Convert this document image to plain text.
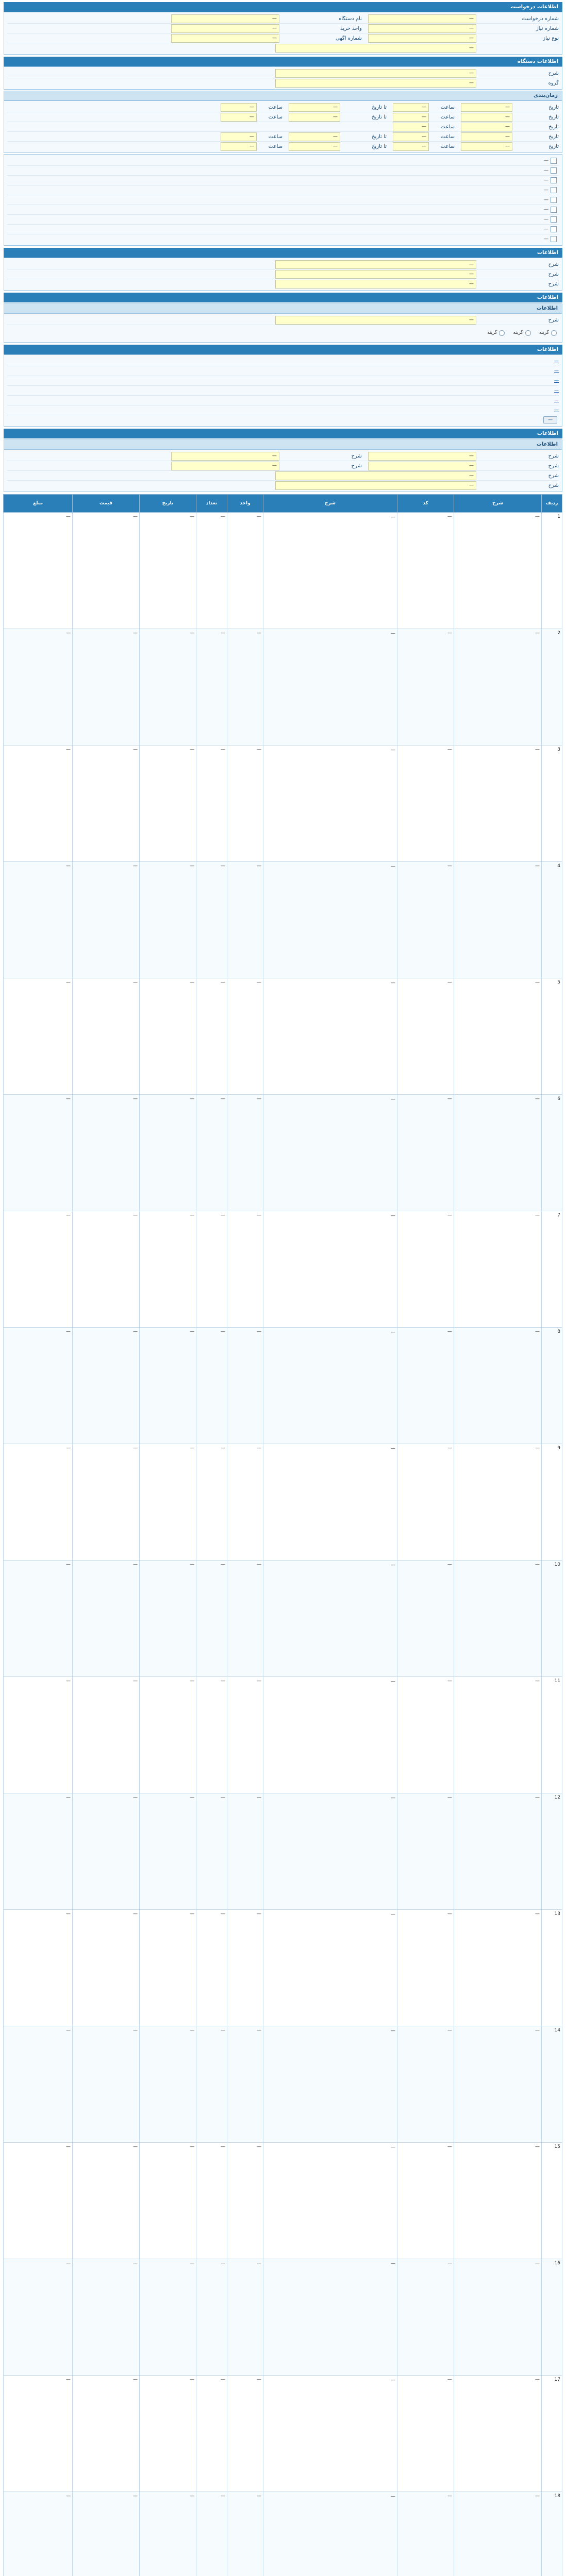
اطلاعات درخواست
شماره درخواست
—
نام دستگاه
—
شماره نیاز
—
واحد خرید
—
نوع نیاز
—
شماره آگهی
—
—
اطلاعات دستگاه
شرح
—
گروه
—
زمان‌بندی
تاریخ
—
ساعت
—
تا تاریخ
—
ساعت
—
تاریخ
—
ساعت
—
تا تاریخ
—
ساعت
—
تاریخ
—
ساعت
—
تاریخ
—
ساعت
—
تا تاریخ
—
ساعت
—
تاریخ
—
ساعت
—
تا تاریخ
—
ساعت
—
—
—
—
—
—
—
—
—
—
اطلاعات
شرح
—
شرح
—
شرح
—
اطلاعات
اطلاعات
شرح
—
گزینه
گزینه
گزینه
اطلاعات
—
—
—
—
—
—
—
اطلاعات
اطلاعات
شرح
—
شرح
—
شرح
—
شرح
—
شرح
—
شرح
—
ردیف	شرح	کد	شرح	واحد	تعداد	تاریخ	قیمت	مبلغ
1	—	—	—	—	—	—	—	—
2	—	—	—	—	—	—	—	—
3	—	—	—	—	—	—	—	—
4	—	—	—	—	—	—	—	—
5	—	—	—	—	—	—	—	—
6	—	—	—	—	—	—	—	—
7	—	—	—	—	—	—	—	—
8	—	—	—	—	—	—	—	—
9	—	—	—	—	—	—	—	—
10	—	—	—	—	—	—	—	—
11	—	—	—	—	—	—	—	—
12	—	—	—	—	—	—	—	—
13	—	—	—	—	—	—	—	—
14	—	—	—	—	—	—	—	—
15	—	—	—	—	—	—	—	—
16	—	—	—	—	—	—	—	—
17	—	—	—	—	—	—	—	—
18	—	—	—	—	—	—	—	—
